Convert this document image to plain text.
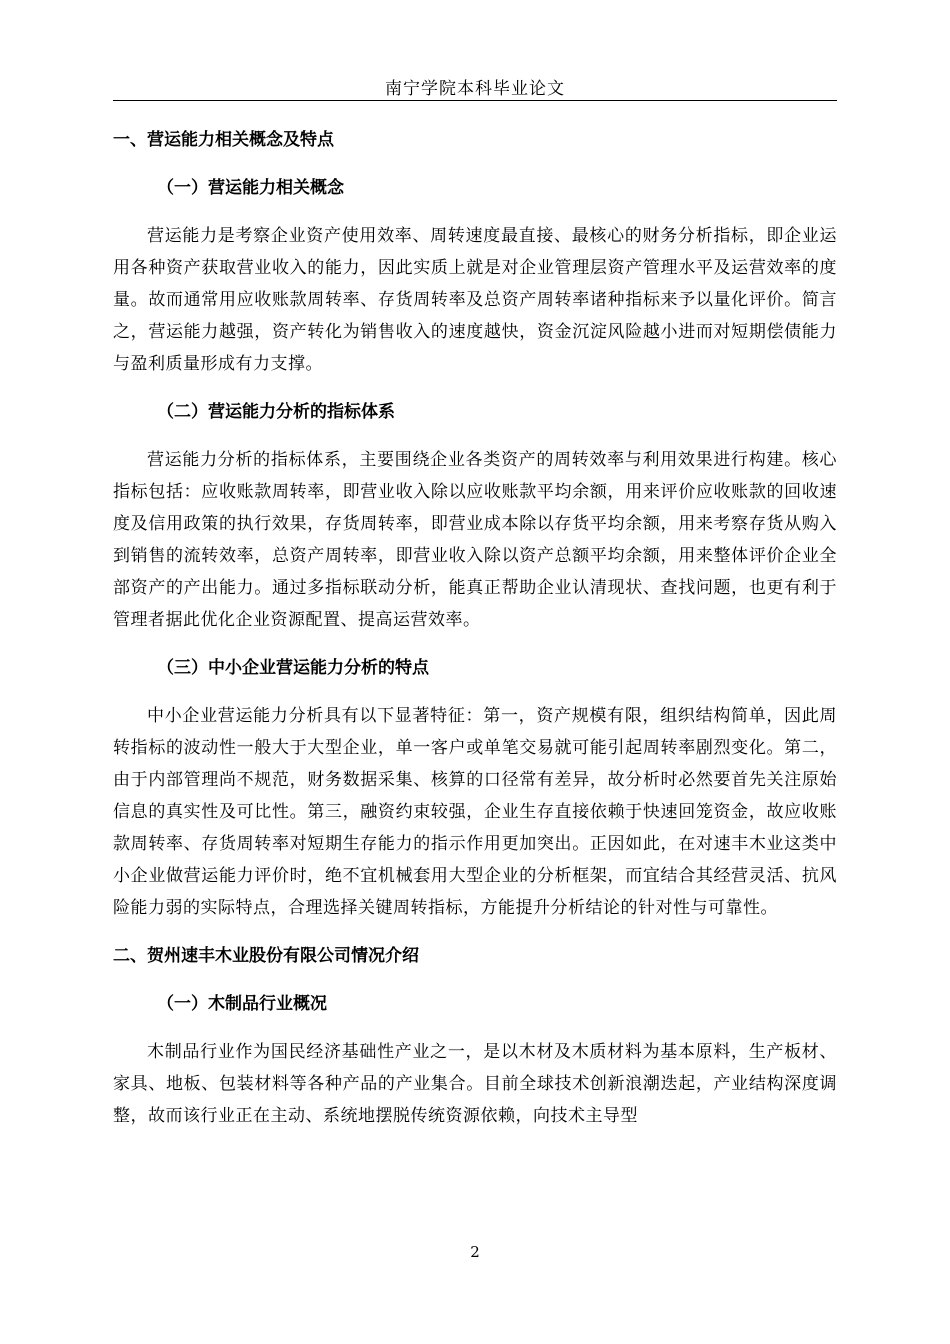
南宁学院本科毕业论文

一、营运能力相关概念及特点

（一）营运能力相关概念

营运能力是考察企业资产使用效率、周转速度最直接、最核心的财务分析指标，即企业运用各种资产获取营业收入的能力，因此实质上就是对企业管理层资产管理水平及运营效率的度量。故而通常用应收账款周转率、存货周转率及总资产周转率诸种指标来予以量化评价。简言之，营运能力越强，资产转化为销售收入的速度越快，资金沉淀风险越小进而对短期偿债能力与盈利质量形成有力支撑。

（二）营运能力分析的指标体系

营运能力分析的指标体系，主要围绕企业各类资产的周转效率与利用效果进行构建。核心指标包括：应收账款周转率，即营业收入除以应收账款平均余额，用来评价应收账款的回收速度及信用政策的执行效果，存货周转率，即营业成本除以存货平均余额，用来考察存货从购入到销售的流转效率，总资产周转率，即营业收入除以资产总额平均余额，用来整体评价企业全部资产的产出能力。通过多指标联动分析，能真正帮助企业认清现状、查找问题，也更有利于管理者据此优化企业资源配置、提高运营效率。

（三）中小企业营运能力分析的特点

中小企业营运能力分析具有以下显著特征：第一，资产规模有限，组织结构简单，因此周转指标的波动性一般大于大型企业，单一客户或单笔交易就可能引起周转率剧烈变化。第二，由于内部管理尚不规范，财务数据采集、核算的口径常有差异，故分析时必然要首先关注原始信息的真实性及可比性。第三，融资约束较强，企业生存直接依赖于快速回笼资金，故应收账款周转率、存货周转率对短期生存能力的指示作用更加突出。正因如此，在对速丰木业这类中小企业做营运能力评价时，绝不宜机械套用大型企业的分析框架，而宜结合其经营灵活、抗风险能力弱的实际特点，合理选择关键周转指标，方能提升分析结论的针对性与可靠性。

二、贺州速丰木业股份有限公司情况介绍

（一）木制品行业概况

木制品行业作为国民经济基础性产业之一，是以木材及木质材料为基本原料，生产板材、家具、地板、包装材料等各种产品的产业集合。目前全球技术创新浪潮迭起，产业结构深度调整，故而该行业正在主动、系统地摆脱传统资源依赖，向技术主导型

2
